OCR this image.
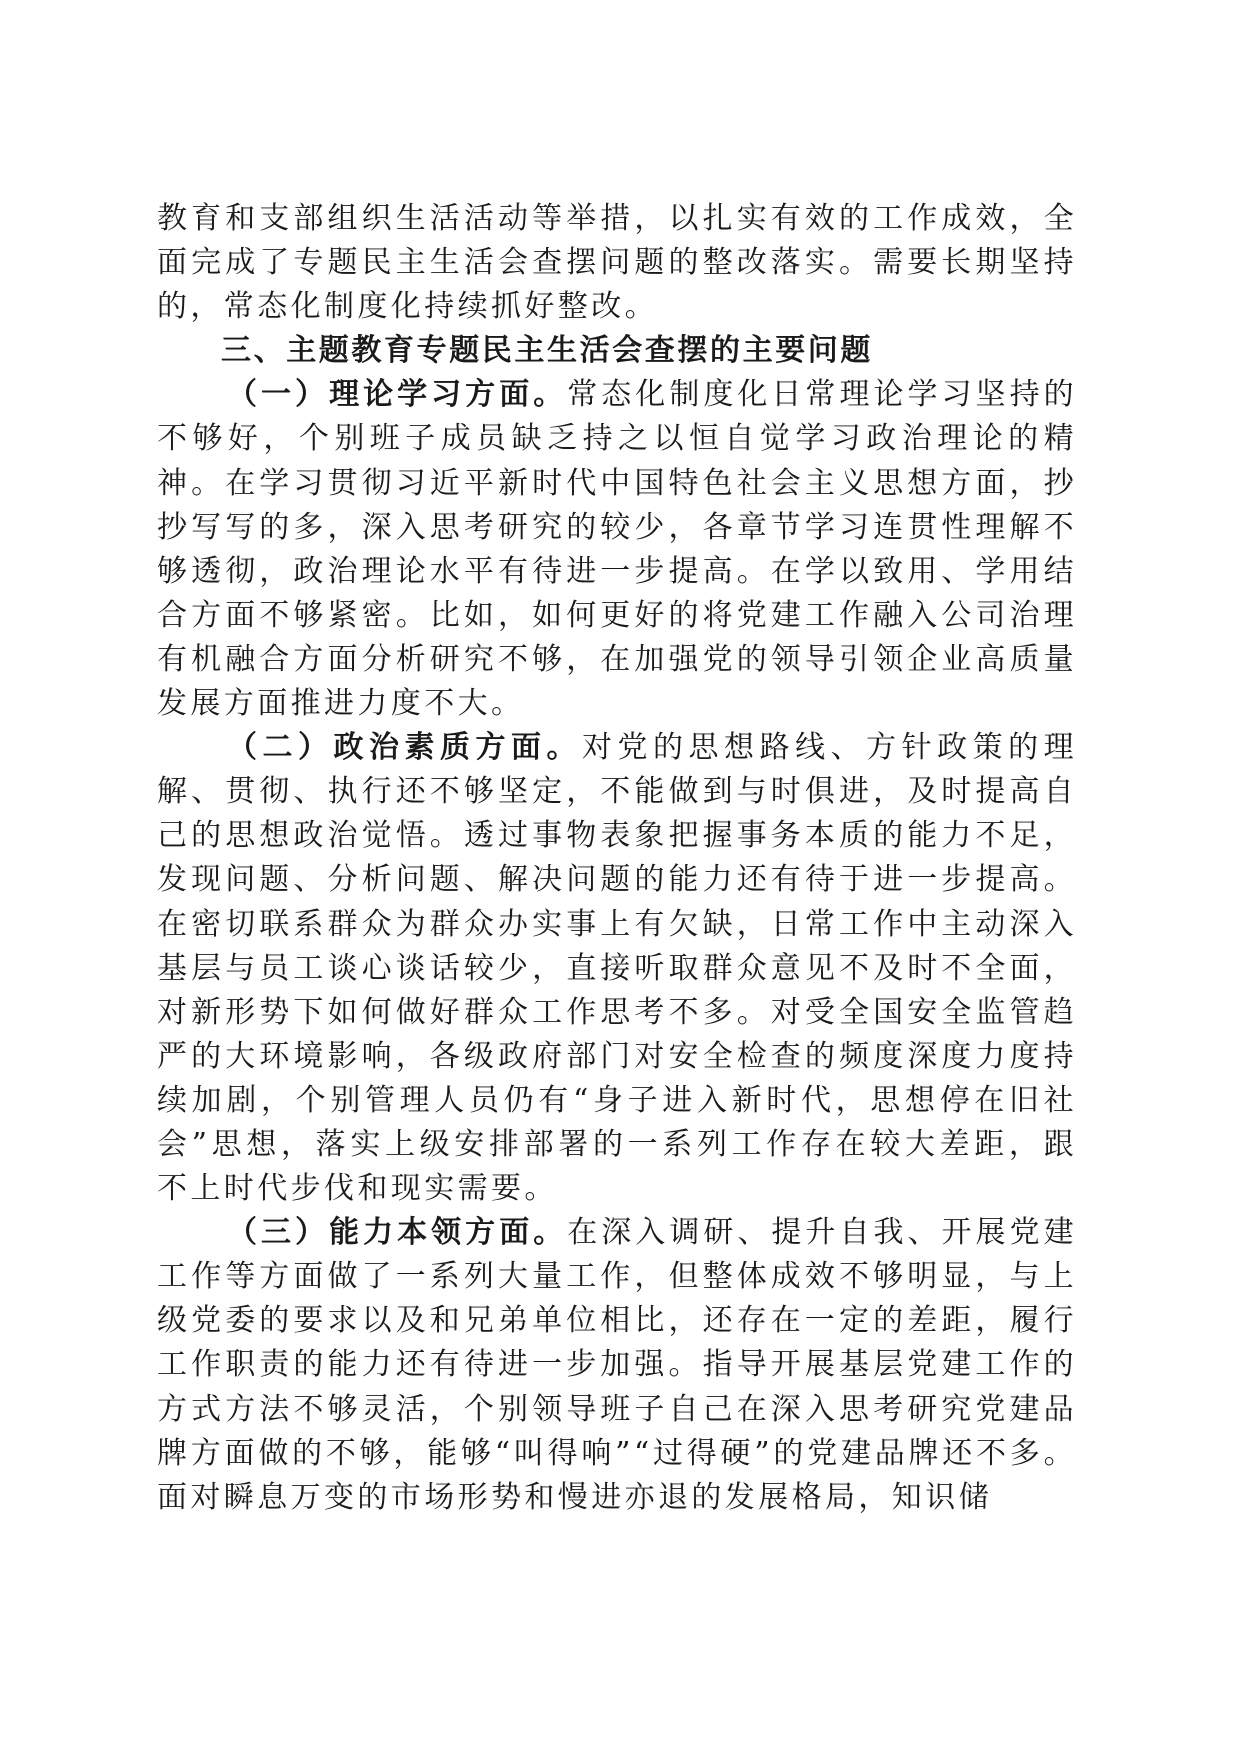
教育和支部组织生活活动等举措，以扎实有效的工作成效，全面完成了专题民主生活会查摆问题的整改落实。需要长期坚持的，常态化制度化持续抓好整改。

三、主题教育专题民主生活会查摆的主要问题

（一）理论学习方面。常态化制度化日常理论学习坚持的不够好，个别班子成员缺乏持之以恒自觉学习政治理论的精神。在学习贯彻习近平新时代中国特色社会主义思想方面，抄抄写写的多，深入思考研究的较少，各章节学习连贯性理解不够透彻，政治理论水平有待进一步提高。在学以致用、学用结合方面不够紧密。比如，如何更好的将党建工作融入公司治理有机融合方面分析研究不够，在加强党的领导引领企业高质量发展方面推进力度不大。

（二）政治素质方面。对党的思想路线、方针政策的理解、贯彻、执行还不够坚定，不能做到与时俱进，及时提高自己的思想政治觉悟。透过事物表象把握事务本质的能力不足，发现问题、分析问题、解决问题的能力还有待于进一步提高。在密切联系群众为群众办实事上有欠缺，日常工作中主动深入基层与员工谈心谈话较少，直接听取群众意见不及时不全面，对新形势下如何做好群众工作思考不多。对受全国安全监管趋严的大环境影响，各级政府部门对安全检查的频度深度力度持续加剧，个别管理人员仍有“身子进入新时代，思想停在旧社会”思想，落实上级安排部署的一系列工作存在较大差距，跟不上时代步伐和现实需要。

（三）能力本领方面。在深入调研、提升自我、开展党建工作等方面做了一系列大量工作，但整体成效不够明显，与上级党委的要求以及和兄弟单位相比，还存在一定的差距，履行工作职责的能力还有待进一步加强。指导开展基层党建工作的方式方法不够灵活，个别领导班子自己在深入思考研究党建品牌方面做的不够，能够“叫得响”“过得硬”的党建品牌还不多。面对瞬息万变的市场形势和慢进亦退的发展格局，知识储
